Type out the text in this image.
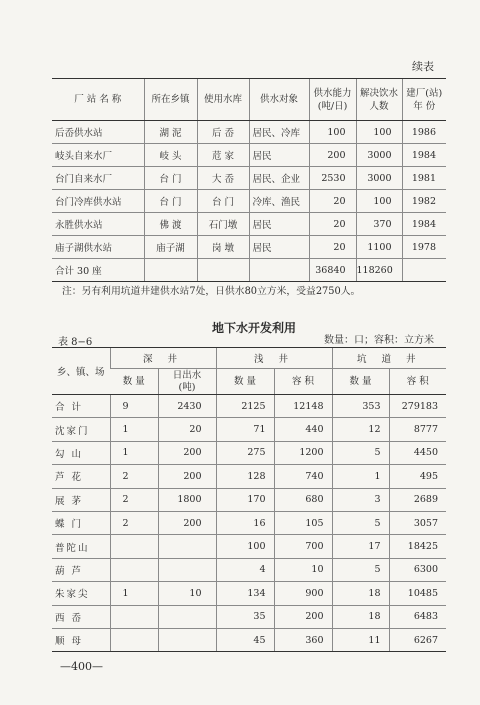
续表
厂 站 名 称	所在乡镇	使用水库	供水对象	供水能力(吨/日)	解决饮水人数	建厂(站)年 份
后岙供水站	湖 泥	后 岙	居民、冷库	100	100	1986
岐头自来水厂	岐 头	苊 家	居民	200	3000	1984
台门自来水厂	台 门	大 岙	居民、企业	2530	3000	1981
台门冷库供水站	台 门	台 门	冷库、渔民	20	100	1982
永胜供水站	佛 渡	石门墩	居民	20	370	1984
庙子湖供水站	庙子湖	岗 墩	居民	20	1100	1978
合计 30 座				36840	118260	
注：另有利用坑道井建供水站7处，日供水80立方米，受益2750人。
表 8−6
地下水开发利用
数量：口；容积：立方米
乡、镇、场	深 井		浅 井		坑 道 井	
	数 量	日出水(吨)	数 量	容 积	数 量	容 积
合 计	9	2430	2125	12148	353	279183
沈家门	1	20	71	440	12	8777
勾 山	1	200	275	1200	5	4450
芦 花	2	200	128	740	1	495
展 茅	2	1800	170	680	3	2689
蝶 门	2	200	16	105	5	3057
普陀山			100	700	17	18425
葫 芦			4	10	5	6300
朱家尖	1	10	134	900	18	10485
西 岙			35	200	18	6483
顺 母			45	360	11	6267
—400—
